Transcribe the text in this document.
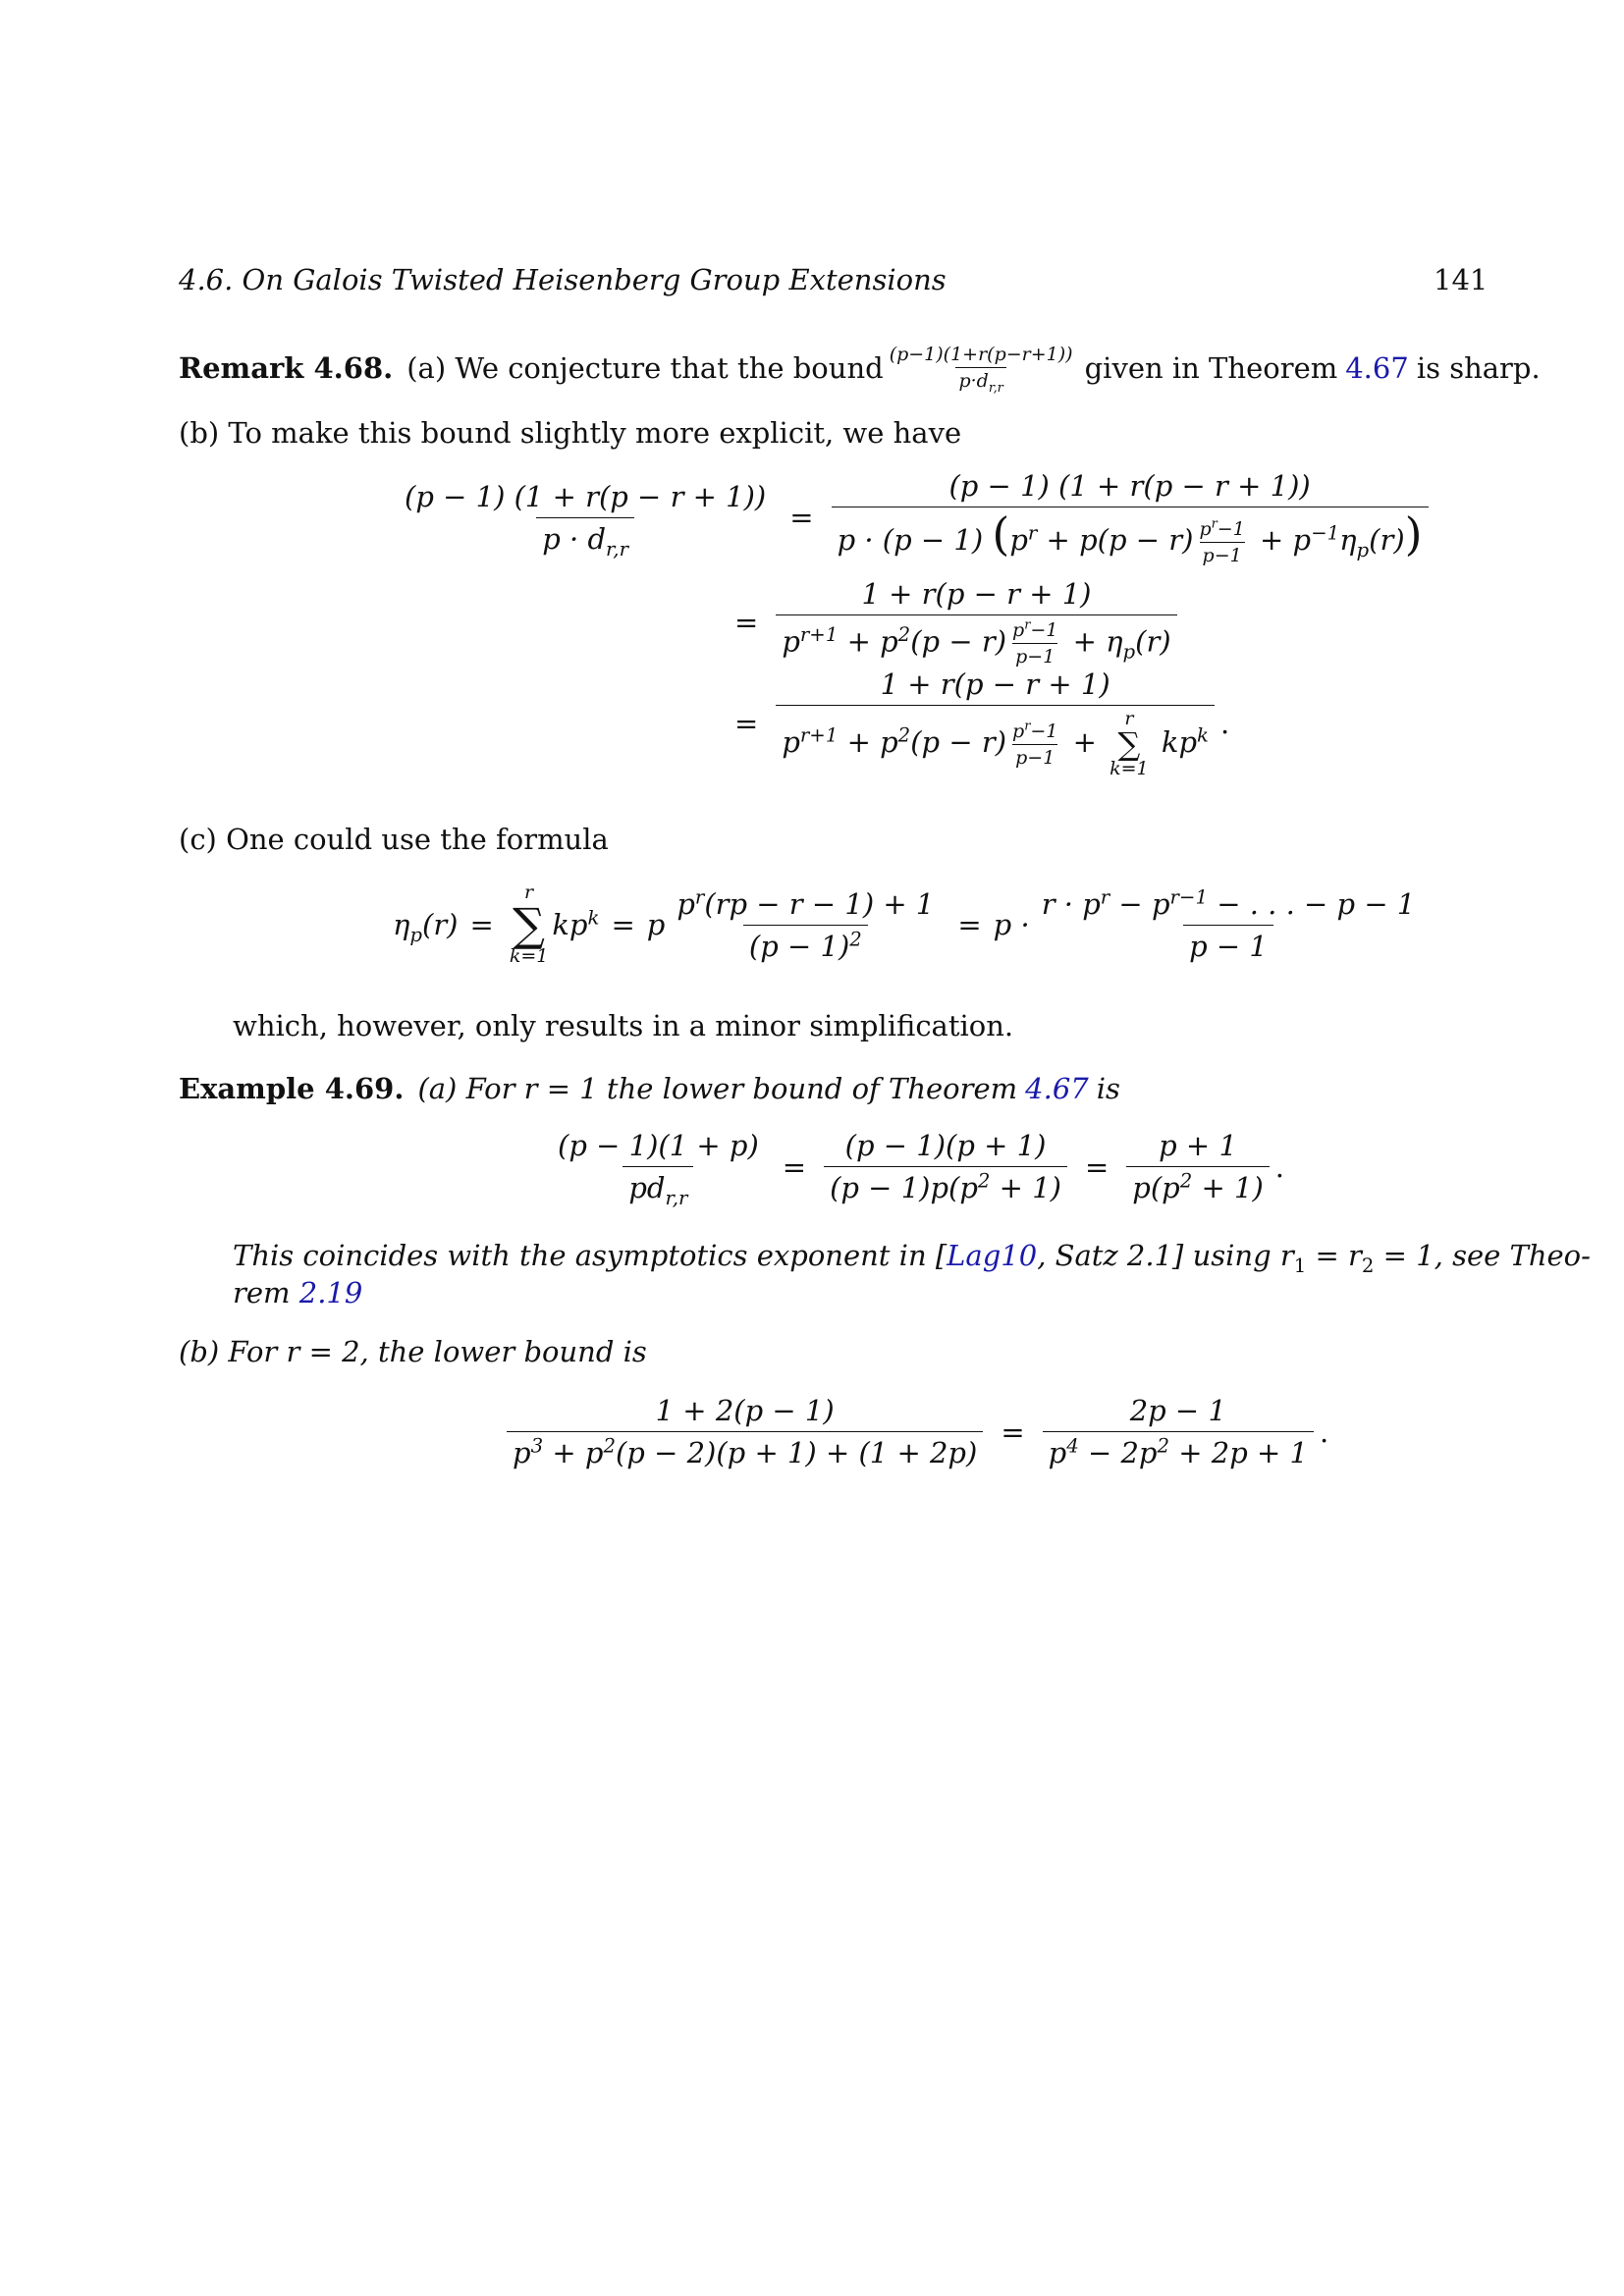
4.6. On Galois Twisted Heisenberg Group Extensions	141
Remark 4.68. (a) We conjecture that the bound $\frac{(p-1)(1+r(p-r+1))}{p\cdot d_{r,r}}$ given in Theorem 4.67 is sharp.
(b) To make this bound slightly more explicit, we have
$\frac{(p - 1) (1 + r(p - r + 1))}{p \cdot d_{r,r}} = \frac{(p - 1) (1 + r(p - r + 1))}{p \cdot (p - 1) (p^r + p(p - r) \frac{p^r-1}{p-1} + p^{-1}\eta_p(r))}$
= $\frac{1 + r(p - r + 1)}{p^{r+1} + p^2(p - r) \frac{p^r-1}{p-1} + \eta_p(r)}$
= 1 + r(p − r + 1)
$p^{r+1} + p^2(p - r) \frac{p^r-1}{p-1}$ +
r
∑
k=1
$kp^k$ .
(c) One could use the formula
$\eta_p(r)$ =
r
∑
k=1
$kp^k = p \frac{p^r(rp - r - 1) + 1}{(p - 1)^2} = p \cdot \frac{r \cdot p^r - p^{r-1} - . . . - p - 1}{p - 1}$
which, however, only results in a minor simplification.
Example 4.69. (a) For r = 1 the lower bound of Theorem 4.67 is
$\frac{(p - 1)(1 + p)}{pd_{r,r}} = \frac{(p - 1)(p + 1)}{(p - 1)p(p^2 + 1)} = \frac{p + 1}{p(p^2 + 1)}$ .
This coincides with the asymptotics exponent in [Lag10, Satz 2.1] using $r_1 = r_2 = 1$, see Theo-
rem 2.19
(b) For r = 2, the lower bound is
$\frac{1 + 2(p - 1)}{p^3 + p^2(p - 2)(p + 1) + (1 + 2p)} = \frac{2p - 1}{p^4 - 2p^2 + 2p + 1}$ .
